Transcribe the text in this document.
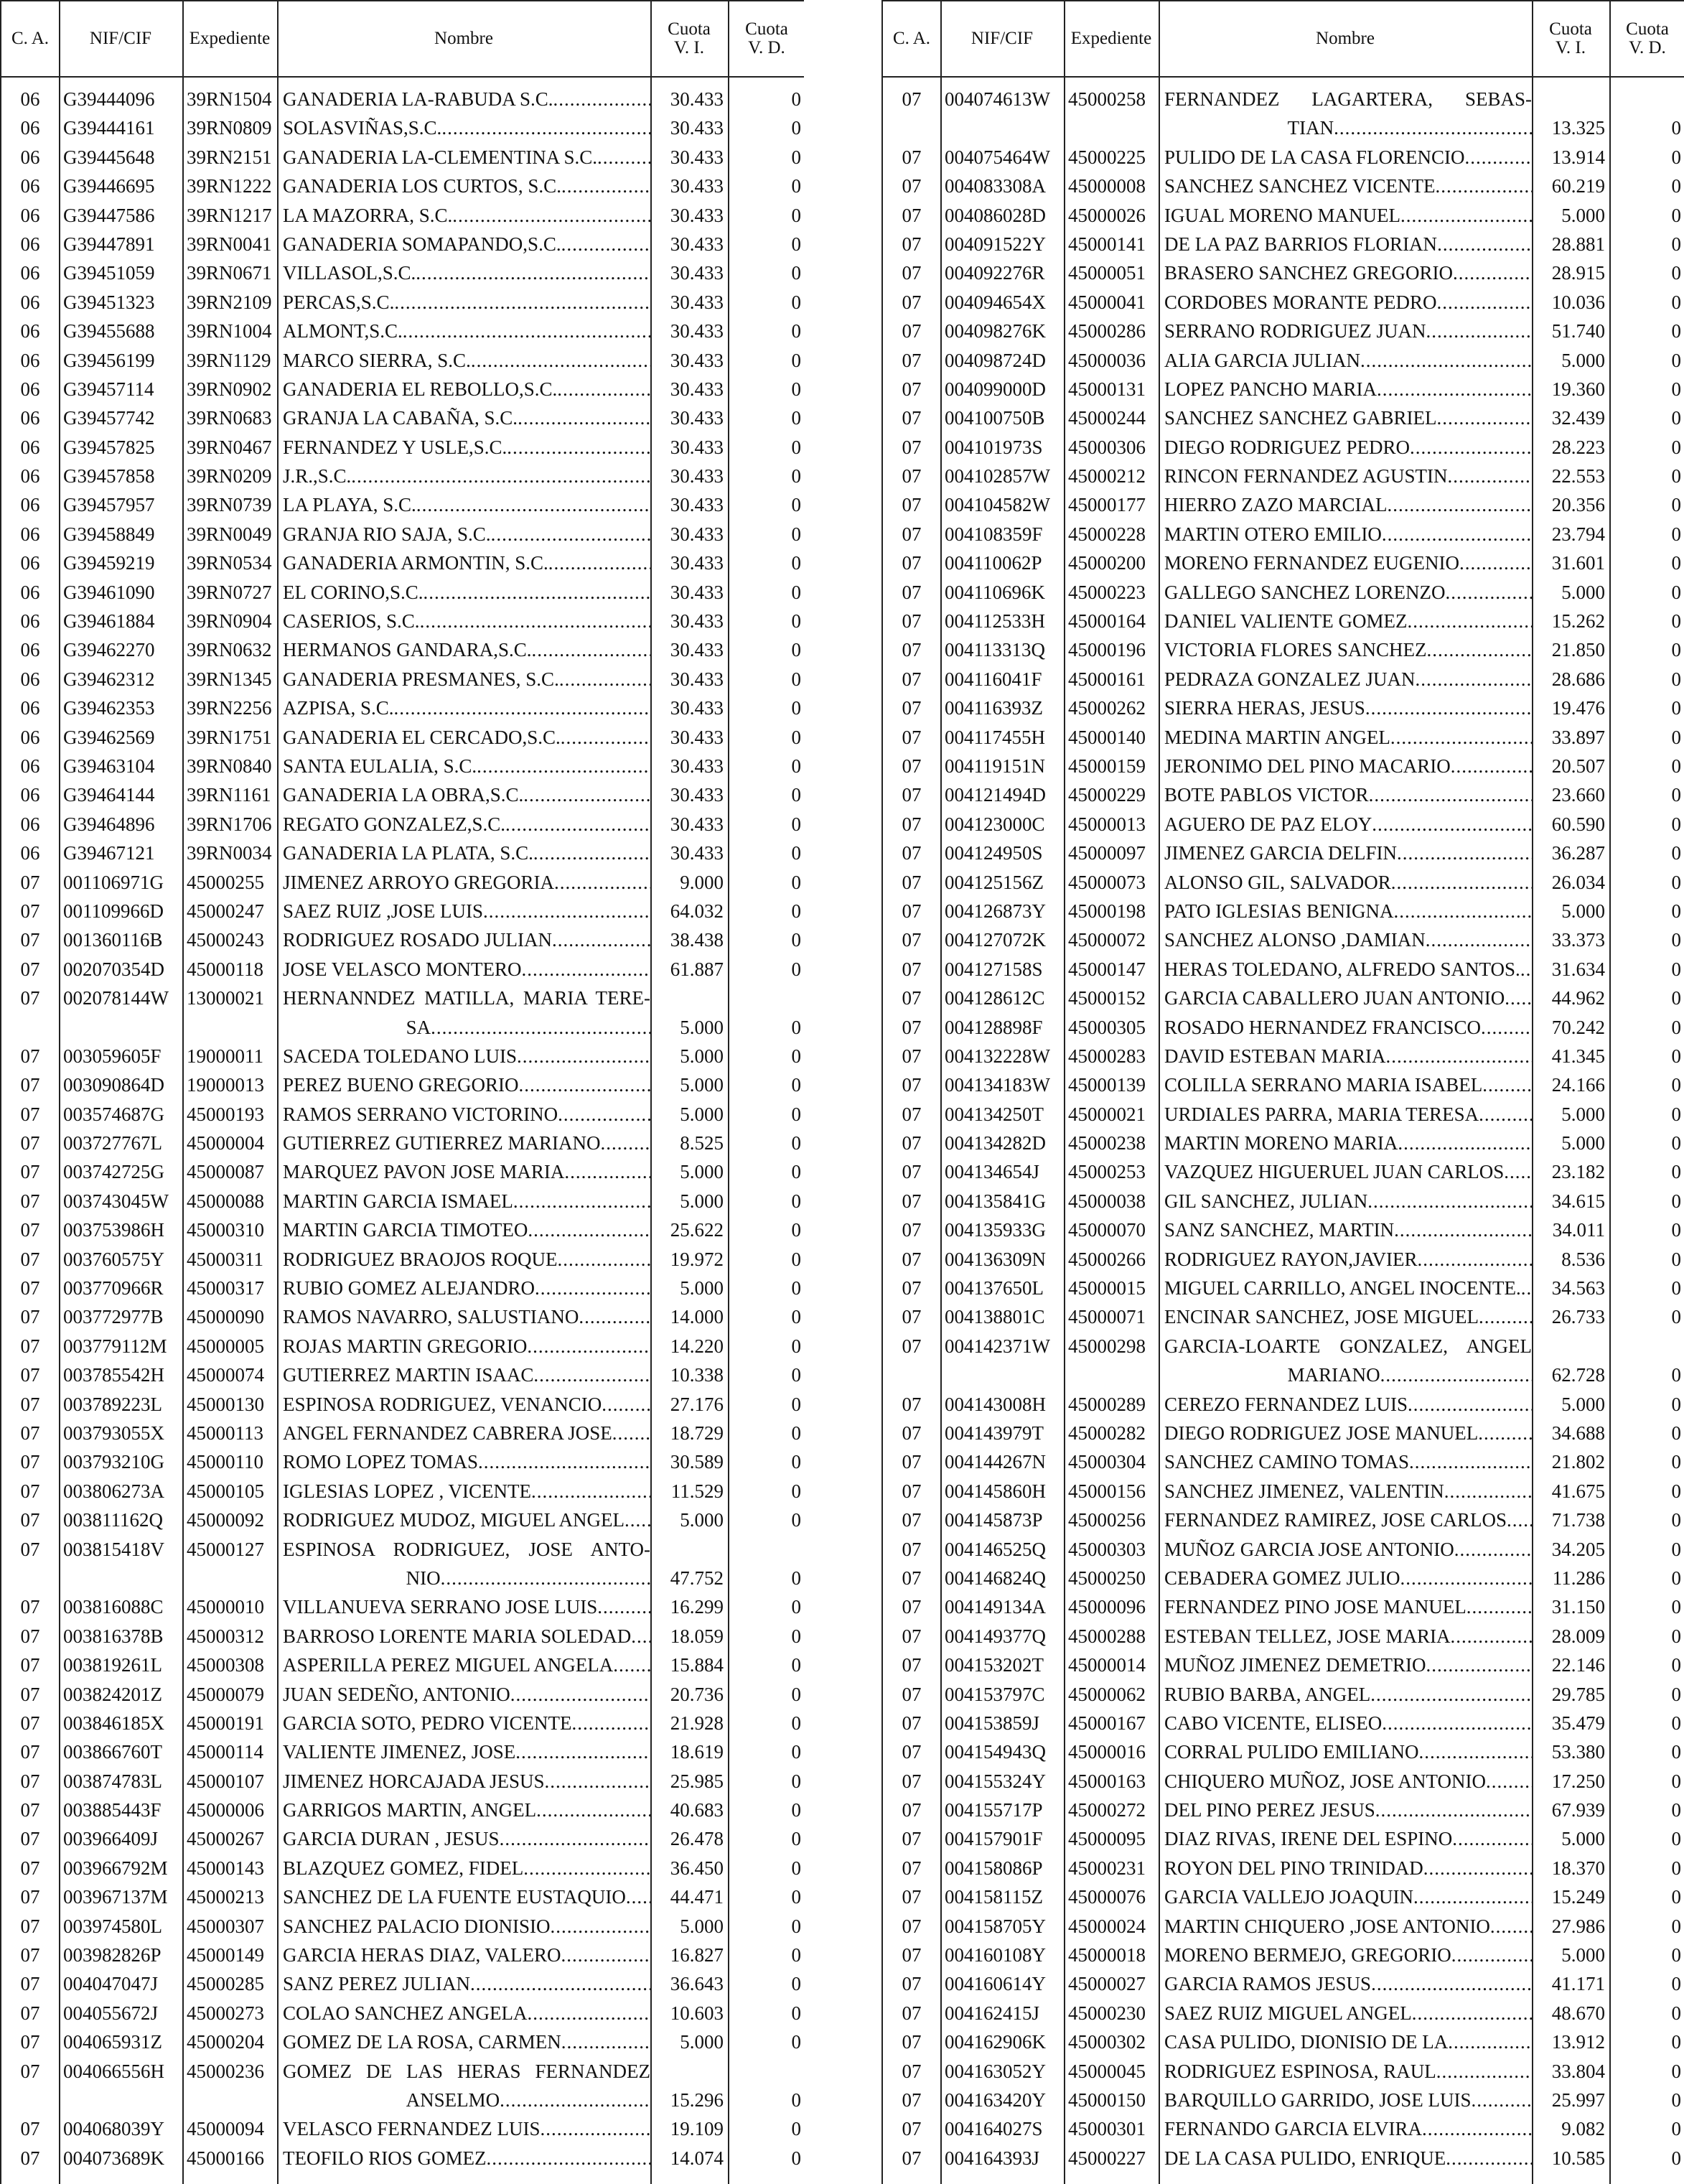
C. A. NIF/CIF Expediente	Nombre	Cuota
V. I.
Cuota
V. D.
06	G39444096	39RN1504 GANADERIA LA-RABUDA S.C. .....	30.433	0
06	G39444161	39RN0809 SOLASVIÑAS,S.C. .....	30.433	0
06	G39445648	39RN2151 GANADERIA LA-CLEMENTINA S.C. .....	30.433	0
06	G39446695	39RN1222 GANADERIA LOS CURTOS, S.C. .....	30.433	0
06	G39447586	39RN1217 LA MAZORRA, S.C. .....	30.433	0
06	G39447891	39RN0041 GANADERIA SOMAPANDO,S.C. .....	30.433	0
06	G39451059	39RN0671 VILLASOL,S.C. .....	30.433	0
06	G39451323	39RN2109 PERCAS,S.C. .....	30.433	0
06	G39455688	39RN1004 ALMONT,S.C. .....	30.433	0
06	G39456199	39RN1129 MARCO SIERRA, S.C. .....	30.433	0
06	G39457114	39RN0902 GANADERIA EL REBOLLO,S.C. .....	30.433	0
06	G39457742	39RN0683 GRANJA LA CABAÑA, S.C. .....	30.433	0
06	G39457825	39RN0467 FERNANDEZ Y USLE,S.C. .....	30.433	0
06	G39457858	39RN0209 J.R.,S.C. .....	30.433	0
06	G39457957	39RN0739 LA PLAYA, S.C. .....	30.433	0
06	G39458849	39RN0049 GRANJA RIO SAJA, S.C. .....	30.433	0
06	G39459219	39RN0534 GANADERIA ARMONTIN, S.C. .....	30.433	0
06	G39461090	39RN0727 EL CORINO,S.C. .....	30.433	0
06	G39461884	39RN0904 CASERIOS, S.C. .....	30.433	0
06	G39462270	39RN0632 HERMANOS GANDARA,S.C. .....	30.433	0
06	G39462312	39RN1345 GANADERIA PRESMANES, S.C. .....	30.433	0
06	G39462353	39RN2256 AZPISA, S.C. .....	30.433	0
06	G39462569	39RN1751 GANADERIA EL CERCADO,S.C. .....	30.433	0
06	G39463104	39RN0840 SANTA EULALIA, S.C. .....	30.433	0
06	G39464144	39RN1161 GANADERIA LA OBRA,S.C. .....	30.433	0
06	G39464896	39RN1706 REGATO GONZALEZ,S.C. .....	30.433	0
06	G39467121	39RN0034 GANADERIA LA PLATA, S.C. .....	30.433	0
07	001106971G	45000255 JIMENEZ ARROYO GREGORIA .....	9.000	0
07	001109966D	45000247 SAEZ RUIZ ,JOSE LUIS .....	64.032	0
07	001360116B	45000243 RODRIGUEZ ROSADO JULIAN .....	38.438	0
07	002070354D	45000118	JOSE VELASCO MONTERO .....	61.887	0
07	002078144W 13000021 HERNANNDEZ MATILLA, MARIA TERE-
SA .....	5.000	0
07	003059605F	19000011	SACEDA TOLEDANO LUIS .....	5.000	0
07	003090864D	19000013 PEREZ BUENO GREGORIO .....	5.000	0
07	003574687G	45000193 RAMOS SERRANO VICTORINO .....	5.000	0
07	003727767L	45000004 GUTIERREZ GUTIERREZ MARIANO .....	8.525	0
07	003742725G	45000087 MARQUEZ PAVON JOSE MARIA .....	5.000	0
07	003743045W 45000088 MARTIN GARCIA ISMAEL .....	5.000	0
07	003753986H	45000310 MARTIN GARCIA TIMOTEO .....	25.622	0
07	003760575Y	45000311	RODRIGUEZ BRAOJOS ROQUE .....	19.972	0
07	003770966R	45000317 RUBIO GOMEZ ALEJANDRO .....	5.000	0
07	003772977B	45000090 RAMOS NAVARRO, SALUSTIANO .....	14.000	0
07	003779112M	45000005 ROJAS MARTIN GREGORIO .....	14.220	0
07	003785542H	45000074 GUTIERREZ MARTIN ISAAC .....	10.338	0
07	003789223L	45000130 ESPINOSA RODRIGUEZ, VENANCIO .....	27.176	0
07	003793055X	45000113	ANGEL FERNANDEZ CABRERA JOSE .....	18.729	0
07	003793210G	45000110	ROMO LOPEZ TOMAS .....	30.589	0
07	003806273A	45000105 IGLESIAS LOPEZ , VICENTE .....	11.529	0
07	003811162Q	45000092 RODRIGUEZ MUDOZ, MIGUEL ANGEL .....	5.000	0
07	003815418V	45000127 ESPINOSA RODRIGUEZ, JOSE ANTO-
NIO .....	47.752	0
07	003816088C	45000010 VILLANUEVA SERRANO JOSE LUIS .....	16.299	0
07	003816378B	45000312 BARROSO LORENTE MARIA SOLEDAD .....	18.059	0
07	003819261L	45000308 ASPERILLA PEREZ MIGUEL ANGELA .....	15.884	0
07	003824201Z	45000079 JUAN SEDEÑO, ANTONIO .....	20.736	0
07	003846185X	45000191 GARCIA SOTO, PEDRO VICENTE .....	21.928	0
07	003866760T	45000114	VALIENTE JIMENEZ, JOSE .....	18.619	0
07	003874783L	45000107 JIMENEZ HORCAJADA JESUS .....	25.985	0
07	003885443F	45000006 GARRIGOS MARTIN, ANGEL .....	40.683	0
07	003966409J	45000267 GARCIA DURAN , JESUS .....	26.478	0
07	003966792M 45000143 BLAZQUEZ GOMEZ, FIDEL .....	36.450	0
07	003967137M 45000213 SANCHEZ DE LA FUENTE EUSTAQUIO .....	44.471	0
07	003974580L	45000307 SANCHEZ PALACIO DIONISIO .....	5.000	0
07	003982826P	45000149 GARCIA HERAS DIAZ, VALERO .....	16.827	0
07	004047047J	45000285 SANZ PEREZ JULIAN .....	36.643	0
07	004055672J	45000273 COLAO SANCHEZ ANGELA .....	10.603	0
07	004065931Z	45000204 GOMEZ DE LA ROSA, CARMEN .....	5.000	0
07	004066556H	45000236 GOMEZ DE LAS HERAS FERNANDEZ
ANSELMO .....	15.296	0
07	004068039Y	45000094 VELASCO FERNANDEZ LUIS .....	19.109	0
07	004073689K	45000166 TEOFILO RIOS GOMEZ .....	14.074	0
C. A. NIF/CIF Expediente	Nombre	Cuota
V. I.
Cuota
V. D.
07	004074613W 45000258 FERNANDEZ LAGARTERA, SEBAS-
TIAN .....	13.325	0
07	004075464W 45000225 PULIDO DE LA CASA FLORENCIO .....	13.914	0
07	004083308A	45000008 SANCHEZ SANCHEZ VICENTE .....	60.219	0
07	004086028D	45000026 IGUAL MORENO MANUEL .....	5.000	0
07	004091522Y	45000141 DE LA PAZ BARRIOS FLORIAN .....	28.881	0
07	004092276R	45000051 BRASERO SANCHEZ GREGORIO .....	28.915	0
07	004094654X	45000041 CORDOBES MORANTE PEDRO .....	10.036	0
07	004098276K	45000286 SERRANO RODRIGUEZ JUAN .....	51.740	0
07	004098724D	45000036 ALIA GARCIA JULIAN .....	5.000	0
07	004099000D	45000131 LOPEZ PANCHO MARIA .....	19.360	0
07	004100750B	45000244 SANCHEZ SANCHEZ GABRIEL .....	32.439	0
07	004101973S	45000306 DIEGO RODRIGUEZ PEDRO .....	28.223	0
07	004102857W 45000212 RINCON FERNANDEZ AGUSTIN .....	22.553	0
07	004104582W 45000177 HIERRO ZAZO MARCIAL .....	20.356	0
07	004108359F	45000228 MARTIN OTERO EMILIO .....	23.794	0
07	004110062P	45000200 MORENO FERNANDEZ EUGENIO .....	31.601	0
07	004110696K	45000223 GALLEGO SANCHEZ LORENZO .....	5.000	0
07	004112533H	45000164 DANIEL VALIENTE GOMEZ .....	15.262	0
07	004113313Q	45000196 VICTORIA FLORES SANCHEZ .....	21.850	0
07	004116041F	45000161 PEDRAZA GONZALEZ JUAN .....	28.686	0
07	004116393Z	45000262 SIERRA HERAS, JESUS .....	19.476	0
07	004117455H	45000140 MEDINA MARTIN ANGEL .....	33.897	0
07	004119151N	45000159 JERONIMO DEL PINO MACARIO .....	20.507	0
07	004121494D	45000229 BOTE PABLOS VICTOR .....	23.660	0
07	004123000C	45000013 AGUERO DE PAZ ELOY .....	60.590	0
07	004124950S	45000097 JIMENEZ GARCIA DELFIN .....	36.287	0
07	004125156Z	45000073 ALONSO GIL, SALVADOR .....	26.034	0
07	004126873Y	45000198 PATO IGLESIAS BENIGNA .....	5.000	0
07	004127072K	45000072 SANCHEZ ALONSO ,DAMIAN .....	33.373	0
07	004127158S	45000147 HERAS TOLEDANO, ALFREDO SANTOS. .....	31.634	0
07	004128612C	45000152 GARCIA CABALLERO JUAN ANTONIO .....	44.962	0
07	004128898F	45000305 ROSADO HERNANDEZ FRANCISCO .....	70.242	0
07	004132228W 45000283 DAVID ESTEBAN MARIA .....	41.345	0
07	004134183W 45000139 COLILLA SERRANO MARIA ISABEL .....	24.166	0
07	004134250T	45000021 URDIALES PARRA, MARIA TERESA .....	5.000	0
07	004134282D	45000238 MARTIN MORENO MARIA .....	5.000	0
07	004134654J	45000253 VAZQUEZ HIGUERUEL JUAN CARLOS .....	23.182	0
07	004135841G	45000038 GIL SANCHEZ, JULIAN .....	34.615	0
07	004135933G	45000070 SANZ SANCHEZ, MARTIN .....	34.011	0
07	004136309N	45000266 RODRIGUEZ RAYON,JAVIER .....	8.536	0
07	004137650L	45000015 MIGUEL CARRILLO, ANGEL INOCENTE. .....	34.563	0
07	004138801C	45000071 ENCINAR SANCHEZ, JOSE MIGUEL .....	26.733	0
07	004142371W 45000298 GARCIA-LOARTE GONZALEZ, ANGEL
MARIANO .....	62.728	0
07	004143008H	45000289 CEREZO FERNANDEZ LUIS .....	5.000	0
07	004143979T	45000282 DIEGO RODRIGUEZ JOSE MANUEL .....	34.688	0
07	004144267N	45000304 SANCHEZ CAMINO TOMAS .....	21.802	0
07	004145860H	45000156 SANCHEZ JIMENEZ, VALENTIN .....	41.675	0
07	004145873P	45000256 FERNANDEZ RAMIREZ, JOSE CARLOS .....	71.738	0
07	004146525Q	45000303 MUÑOZ GARCIA JOSE ANTONIO .....	34.205	0
07	004146824Q	45000250 CEBADERA GOMEZ JULIO .....	11.286	0
07	004149134A	45000096 FERNANDEZ PINO JOSE MANUEL .....	31.150	0
07	004149377Q	45000288 ESTEBAN TELLEZ, JOSE MARIA .....	28.009	0
07	004153202T	45000014 MUÑOZ JIMENEZ DEMETRIO .....	22.146	0
07	004153797C	45000062 RUBIO BARBA, ANGEL .....	29.785	0
07	004153859J	45000167 CABO VICENTE, ELISEO .....	35.479	0
07	004154943Q	45000016 CORRAL PULIDO EMILIANO .....	53.380	0
07	004155324Y	45000163 CHIQUERO MUÑOZ, JOSE ANTONIO .....	17.250	0
07	004155717P	45000272 DEL PINO PEREZ JESUS .....	67.939	0
07	004157901F	45000095 DIAZ RIVAS, IRENE DEL ESPINO .....	5.000	0
07	004158086P	45000231 ROYON DEL PINO TRINIDAD .....	18.370	0
07	004158115Z	45000076 GARCIA VALLEJO JOAQUIN .....	15.249	0
07	004158705Y	45000024 MARTIN CHIQUERO ,JOSE ANTONIO .....	27.986	0
07	004160108Y	45000018 MORENO BERMEJO, GREGORIO .....	5.000	0
07	004160614Y	45000027 GARCIA RAMOS JESUS .....	41.171	0
07	004162415J	45000230 SAEZ RUIZ MIGUEL ANGEL .....	48.670	0
07	004162906K	45000302 CASA PULIDO, DIONISIO DE LA .....	13.912	0
07	004163052Y	45000045 RODRIGUEZ ESPINOSA, RAUL .....	33.804	0
07	004163420Y	45000150 BARQUILLO GARRIDO, JOSE LUIS .....	25.997	0
07	004164027S	45000301 FERNANDO GARCIA ELVIRA .....	9.082	0
07	004164393J	45000227 DE LA CASA PULIDO, ENRIQUE .....	10.585	0
